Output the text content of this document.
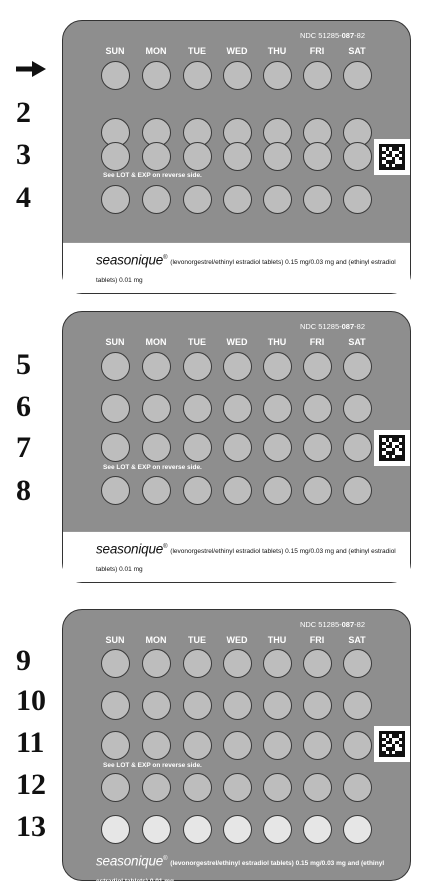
NDC 51285-087-82
SUN	MON	TUE	WED	THU	FRI	SAT
See LOT & EXP on reverse side.
seasonique®
(levonorgestrel/ethinyl estradiol tablets) 0.15 mg/0.03 mg and (ethinyl estradiol tablets) 0.01 mg
NDC 51285-087-82
SUN	MON	TUE	WED	THU	FRI	SAT
See LOT & EXP on reverse side.
seasonique®
(levonorgestrel/ethinyl estradiol tablets) 0.15 mg/0.03 mg and (ethinyl estradiol tablets) 0.01 mg
NDC 51285-087-82
SUN	MON	TUE	WED	THU	FRI	SAT
See LOT & EXP on reverse side.
seasonique®
(levonorgestrel/ethinyl estradiol tablets) 0.15 mg/0.03 mg and (ethinyl estradiol tablets) 0.01 mg
2
3
4
5
6
7
8
9
10
11
12
13
